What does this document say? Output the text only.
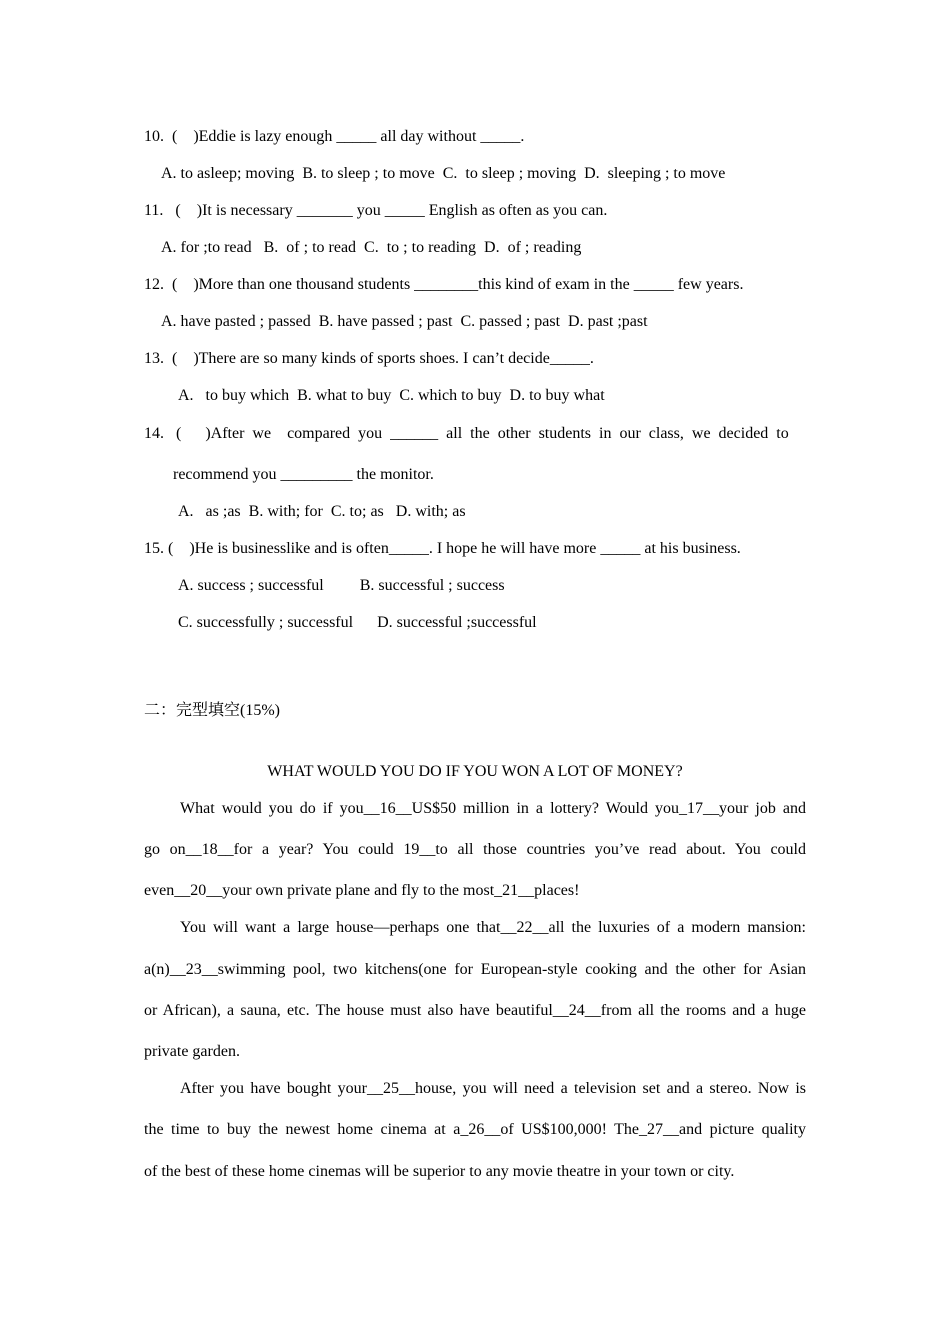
10.  (    )Eddie is lazy enough _____ all day without _____.
A. to asleep; moving  B. to sleep ; to move  C.  to sleep ; moving  D.  sleeping ; to move
11.   (    )It is necessary _______ you _____ English as often as you can.
A. for ;to read   B.  of ; to read  C.  to ; to reading  D.  of ; reading
12.  (    )More than one thousand students ________this kind of exam in the _____ few years.
A. have pasted ; passed  B. have passed ; past  C. passed ; past  D. past ;past
13.  (    )There are so many kinds of sports shoes. I can’t decide_____.
A.   to buy which  B. what to buy  C. which to buy  D. to buy what
14.   (      )After  we    compared  you  ______  all  the  other  students  in  our  class,  we  decided  to
recommend you _________ the monitor.
A.   as ;as  B. with; for  C. to; as   D. with; as
15. (    )He is businesslike and is often_____. I hope he will have more _____ at his business.
A. success ; successful         B. successful ; success
C. successfully ; successful      D. successful ;successful
二：完型填空(15%)
WHAT WOULD YOU DO IF YOU WON A LOT OF MONEY?
What would you do if you__16__US$50 million in a lottery? Would you_17__your job and
go on__18__for a year? You could 19__to all those countries you’ve read about. You could
even__20__your own private plane and fly to the most_21__places!
You will want a large house—perhaps one that__22__all the luxuries of a modern mansion:
a(n)__23__swimming pool, two kitchens(one for European-style cooking and the other for Asian
or African), a sauna, etc. The house must also have beautiful__24__from all the rooms and a huge
private garden.
After you have bought your__25__house, you will need a television set and a stereo. Now is
the time to buy the newest home cinema at a_26__of US$100,000! The_27__and picture quality
of the best of these home cinemas will be superior to any movie theatre in your town or city.
